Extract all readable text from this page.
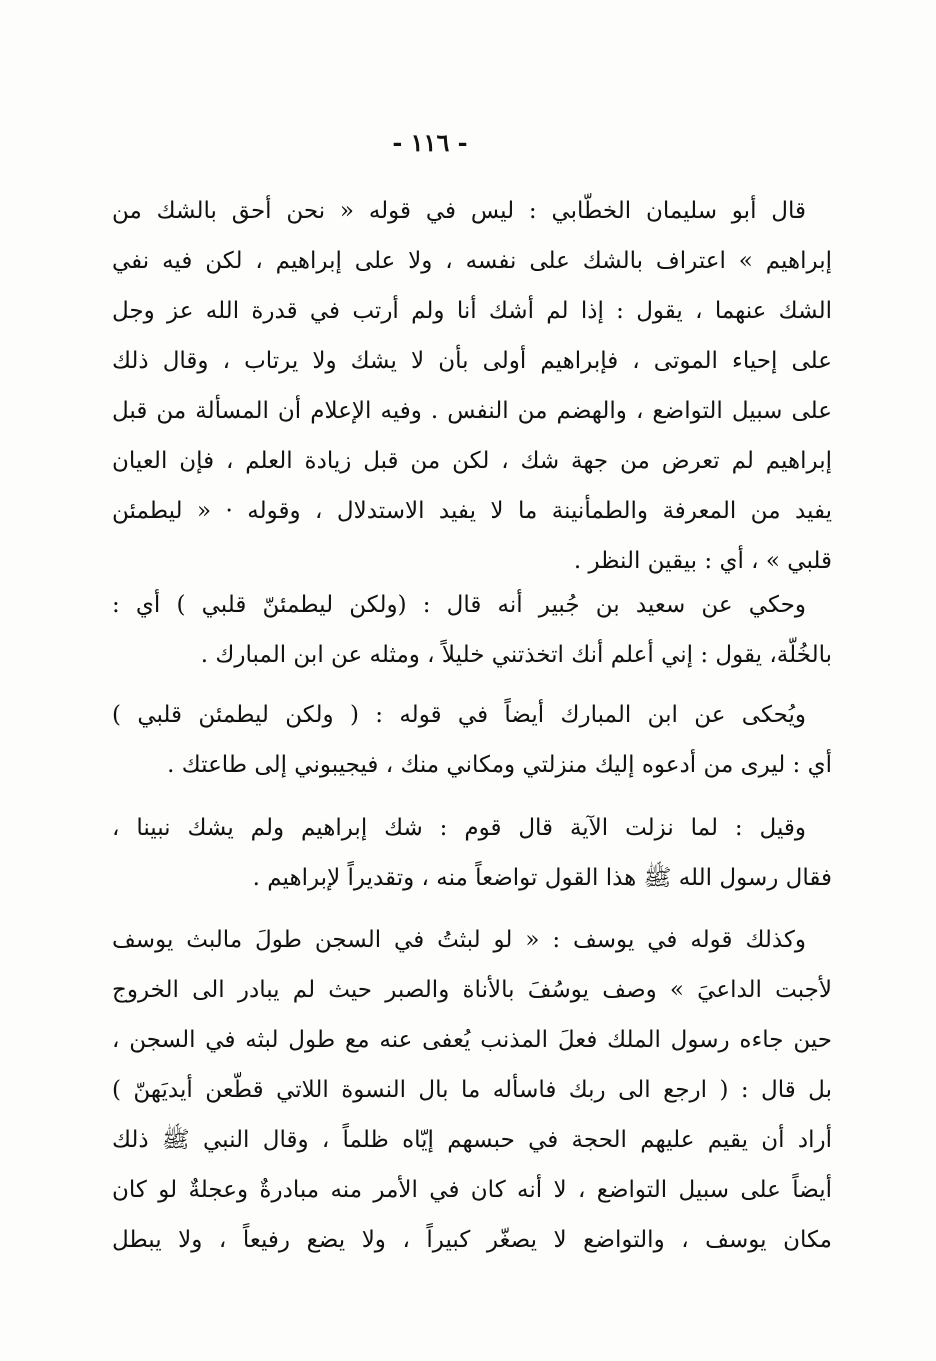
- ١١٦ -
قال أبو سليمان الخطّابي : ليس في قوله « نحن أحق بالشك من
إبراهيم » اعتراف بالشك على نفسه ، ولا على إبراهيم ، لكن فيه نفي
الشك عنهما ، يقول : إذا لم أشك أنا ولم أرتب في قدرة الله عز وجل
على إحياء الموتى ، فإبراهيم أولى بأن لا يشك ولا يرتاب ، وقال ذلك
على سبيل التواضع ، والهضم من النفس . وفيه الإعلام أن المسألة من قبل
إبراهيم لم تعرض من جهة شك ، لكن من قبل زيادة العلم ، فإن العيان
يفيد من المعرفة والطمأنينة ما لا يفيد الاستدلال ، وقوله · « ليطمئن
قلبي » ، أي : بيقين النظر .
وحكي عن سعيد بن جُبير أنه قال : (ولكن ليطمئنّ قلبي ) أي :
بالخُلّة، يقول : إني أعلم أنك اتخذتني خليلاً ، ومثله عن ابن المبارك .
ويُحكى عن ابن المبارك أيضاً في قوله : ( ولكن ليطمئن قلبي )
أي : ليرى من أدعوه إليك منزلتي ومكاني منك ، فيجيبوني إلى طاعتك .
وقيل : لما نزلت الآية قال قوم : شك إبراهيم ولم يشك نبينا ،
فقال رسول الله ﷺ هذا القول تواضعاً منه ، وتقديراً لإبراهيم .
وكذلك قوله في يوسف : « لو لبثتُ في السجن طولَ مالبث يوسف
لأجبت الداعيَ » وصف يوسُفَ بالأناة والصبر حيث لم يبادر الى الخروج
حين جاءه رسول الملك فعلَ المذنب يُعفى عنه مع طول لبثه في السجن ،
بل قال : ( ارجع الى ربك فاسأله ما بال النسوة اللاتي قطّعن أيديَهنّ )
أراد أن يقيم عليهم الحجة في حبسهم إيّاه ظلماً ، وقال النبي ﷺ ذلك
أيضاً على سبيل التواضع ، لا أنه كان في الأمر منه مبادرةٌ وعجلةٌ لو كان
مكان يوسف ، والتواضع لا يصغّر كبيراً ، ولا يضع رفيعاً ، ولا يبطل
